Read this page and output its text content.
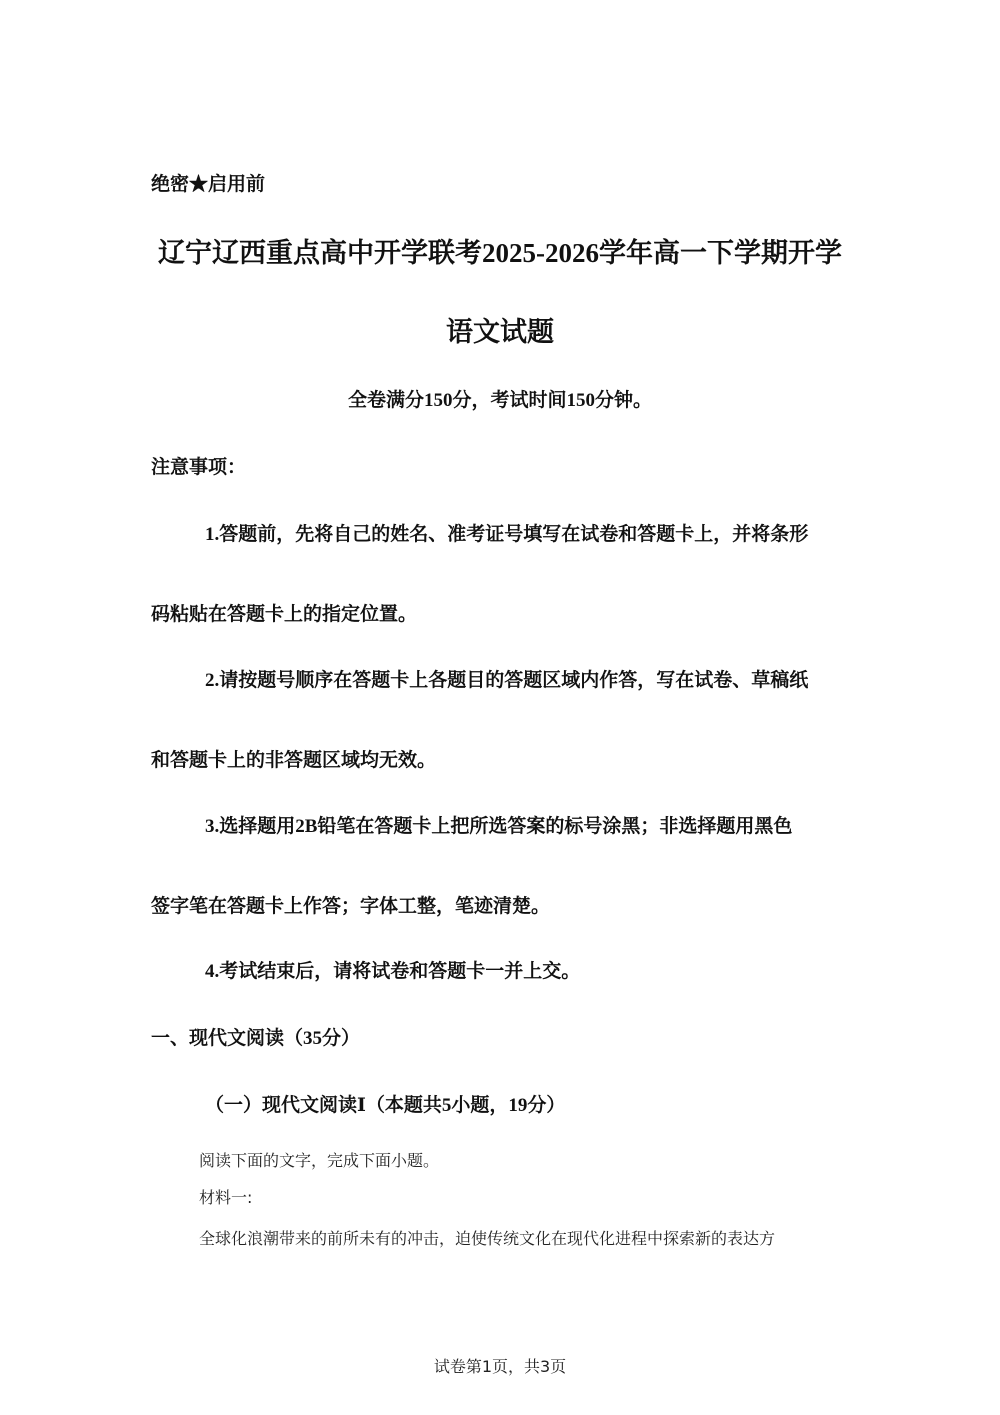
绝密★启用前
辽宁辽西重点高中开学联考2025-2026学年高一下学期开学
语文试题
全卷满分150分，考试时间150分钟。
注意事项：
1.答题前，先将自己的姓名、准考证号填写在试卷和答题卡上，并将条形
码粘贴在答题卡上的指定位置。
2.请按题号顺序在答题卡上各题目的答题区域内作答，写在试卷、草稿纸
和答题卡上的非答题区域均无效。
3.选择题用2B铅笔在答题卡上把所选答案的标号涂黑；非选择题用黑色
签字笔在答题卡上作答；字体工整，笔迹清楚。
4.考试结束后，请将试卷和答题卡一并上交。
一、现代文阅读（35分）
（一）现代文阅读Ⅰ（本题共5小题，19分）
阅读下面的文字，完成下面小题。
材料一:
全球化浪潮带来的前所未有的冲击，迫使传统文化在现代化进程中探索新的表达方
试卷第1页，共3页
